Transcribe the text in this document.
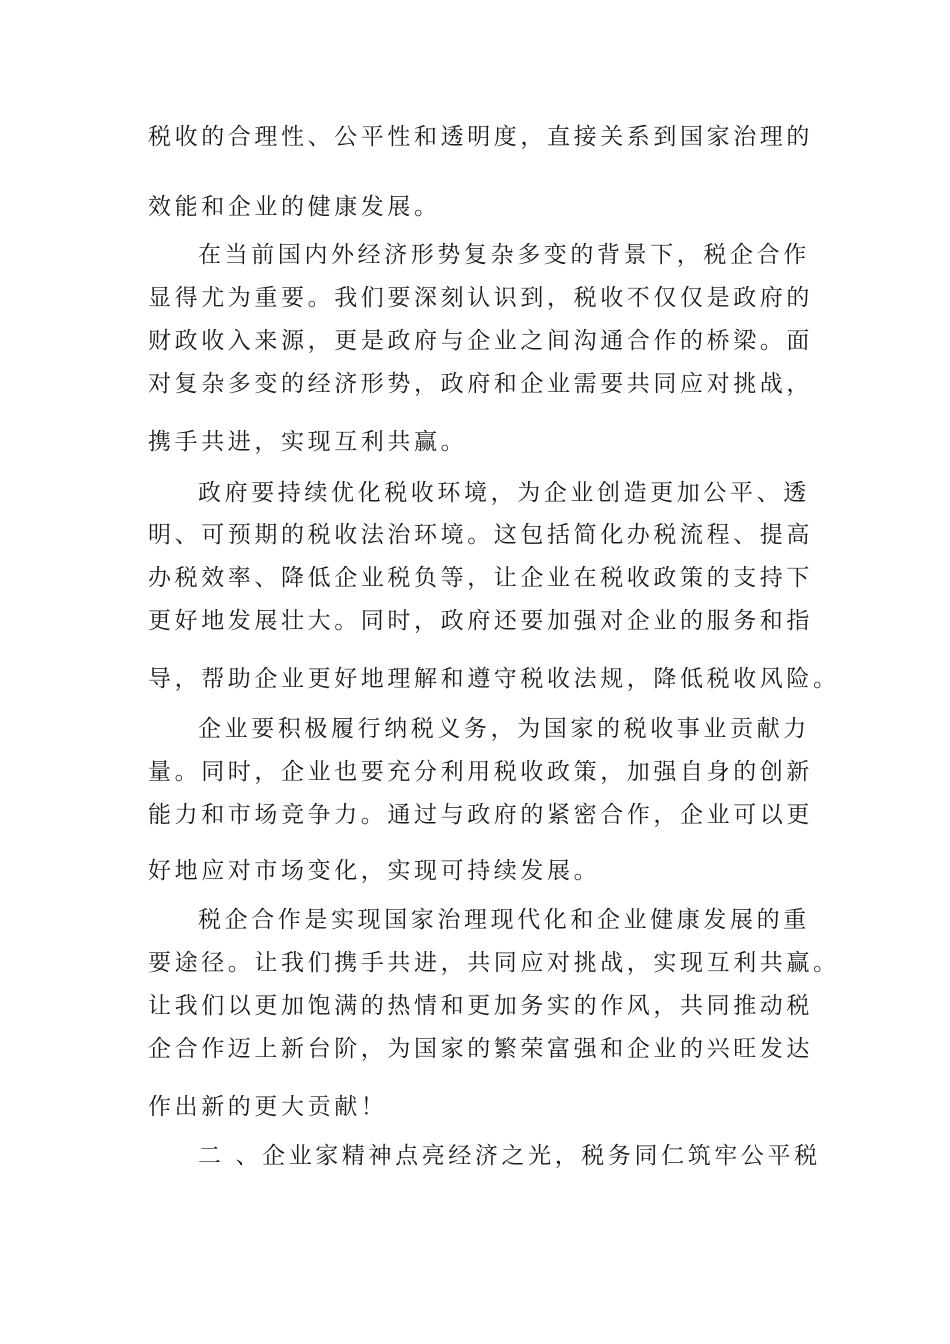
税收的合理性、公平性和透明度，直接关系到国家治理的
效能和企业的健康发展。
在当前国内外经济形势复杂多变的背景下，税企合作
显得尤为重要。我们要深刻认识到，税收不仅仅是政府的
财政收入来源，更是政府与企业之间沟通合作的桥梁。面
对复杂多变的经济形势，政府和企业需要共同应对挑战，
携手共进，实现互利共赢。
政府要持续优化税收环境，为企业创造更加公平、透
明、可预期的税收法治环境。这包括简化办税流程、提高
办税效率、降低企业税负等，让企业在税收政策的支持下
更好地发展壮大。同时，政府还要加强对企业的服务和指
导，帮助企业更好地理解和遵守税收法规，降低税收风险。
企业要积极履行纳税义务，为国家的税收事业贡献力
量。同时，企业也要充分利用税收政策，加强自身的创新
能力和市场竞争力。通过与政府的紧密合作，企业可以更
好地应对市场变化，实现可持续发展。
税企合作是实现国家治理现代化和企业健康发展的重
要途径。让我们携手共进，共同应对挑战，实现互利共赢。
让我们以更加饱满的热情和更加务实的作风，共同推动税
企合作迈上新台阶，为国家的繁荣富强和企业的兴旺发达
作出新的更大贡献！
二 、企业家精神点亮经济之光，税务同仁筑牢公平税
